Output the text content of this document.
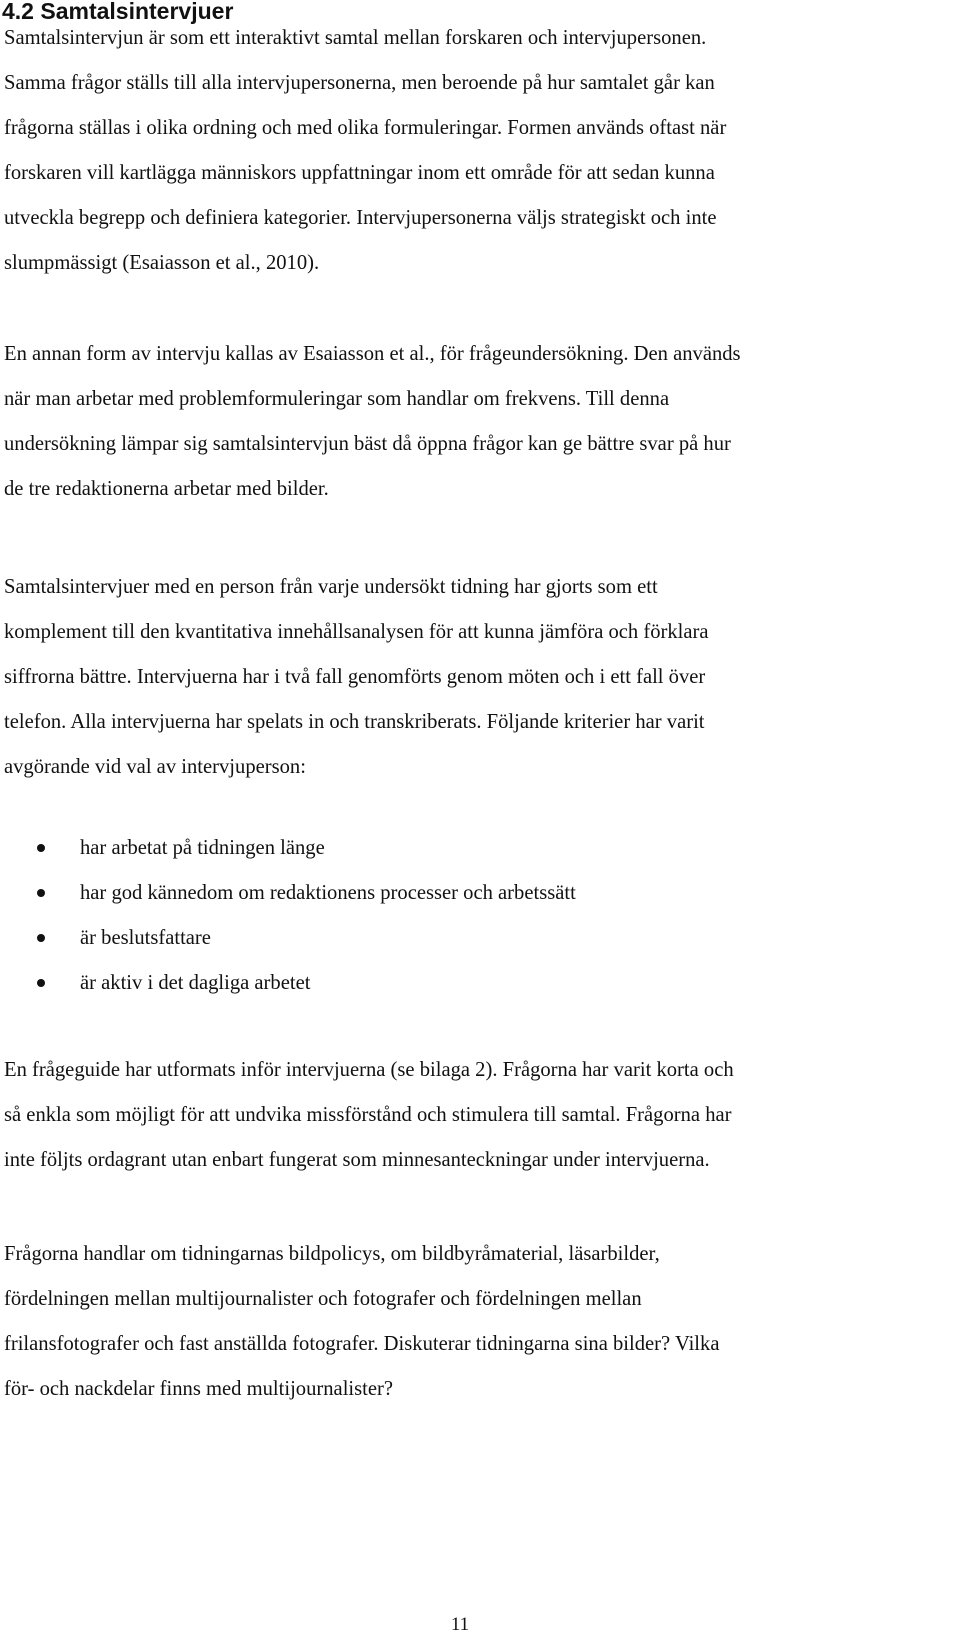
4.2 Samtalsintervjuer

Samtalsintervjun är som ett interaktivt samtal mellan forskaren och intervjupersonen.
Samma frågor ställs till alla intervjupersonerna, men beroende på hur samtalet går kan
frågorna ställas i olika ordning och med olika formuleringar. Formen används oftast när
forskaren vill kartlägga människors uppfattningar inom ett område för att sedan kunna
utveckla begrepp och definiera kategorier. Intervjupersonerna väljs strategiskt och inte
slumpmässigt (Esaiasson et al., 2010).

En annan form av intervju kallas av Esaiasson et al., för frågeundersökning. Den används
när man arbetar med problemformuleringar som handlar om frekvens. Till denna
undersökning lämpar sig samtalsintervjun bäst då öppna frågor kan ge bättre svar på hur
de tre redaktionerna arbetar med bilder.

Samtalsintervjuer med en person från varje undersökt tidning har gjorts som ett
komplement till den kvantitativa innehållsanalysen för att kunna jämföra och förklara
siffrorna bättre. Intervjuerna har i två fall genomförts genom möten och i ett fall över
telefon. Alla intervjuerna har spelats in och transkriberats. Följande kriterier har varit
avgörande vid val av intervjuperson:

har arbetat på tidningen länge
har god kännedom om redaktionens processer och arbetssätt
är beslutsfattare
är aktiv i det dagliga arbetet

En frågeguide har utformats inför intervjuerna (se bilaga 2). Frågorna har varit korta och
så enkla som möjligt för att undvika missförstånd och stimulera till samtal. Frågorna har
inte följts ordagrant utan enbart fungerat som minnesanteckningar under intervjuerna.

Frågorna handlar om tidningarnas bildpolicys, om bildbyråmaterial, läsarbilder,
fördelningen mellan multijournalister och fotografer och fördelningen mellan
frilansfotografer och fast anställda fotografer. Diskuterar tidningarna sina bilder? Vilka
för- och nackdelar finns med multijournalister?

11
